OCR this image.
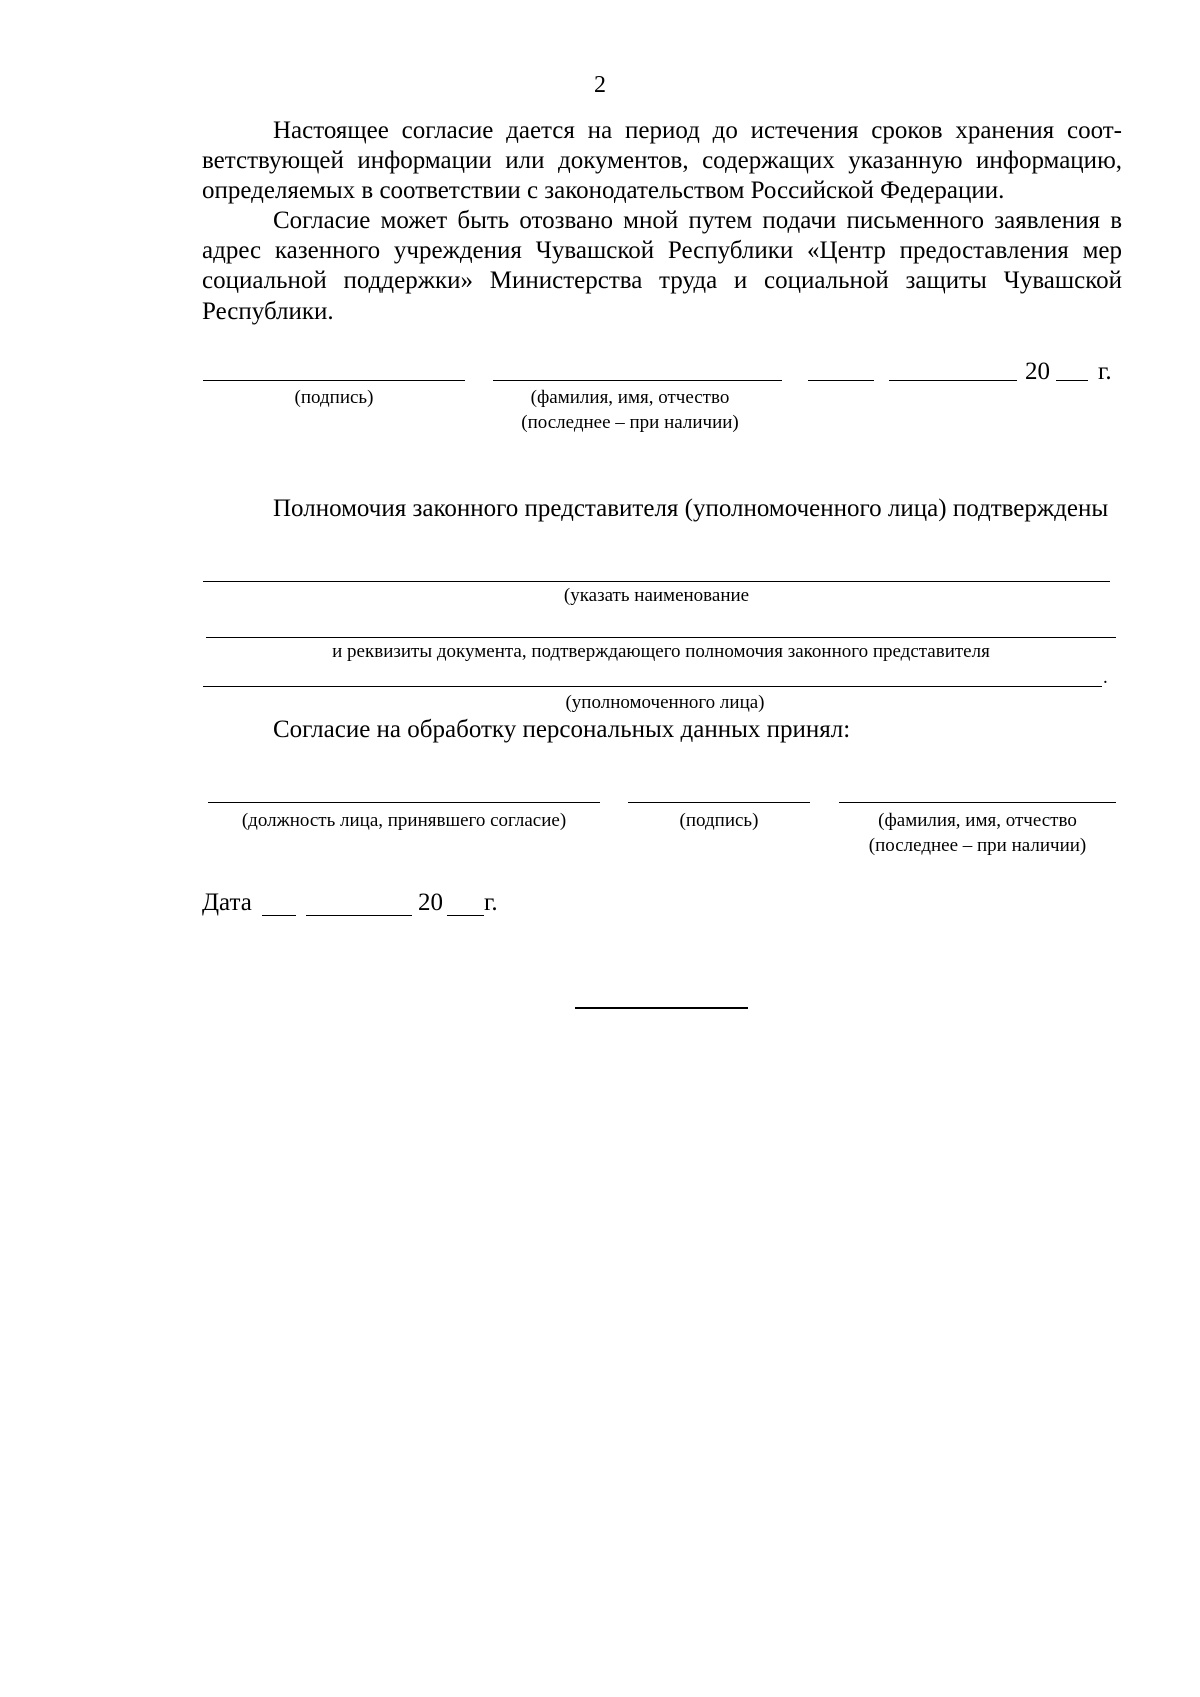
2
Настоящее согласие дается на период до истечения сроков хранения соответствующей информации или документов, содержащих указанную информацию, определяемых в соответствии с законодательством Российской Федерации.
Согласие может быть отозвано мной путем подачи письменного заявления в адрес казенного учреждения Чувашской Республики «Центр предоставления мер социальной поддержки» Министерства труда и социальной защиты Чувашской Республики.
20 г.
(подпись)	(фамилия, имя, отчество
(последнее – при наличии)
Полномочия законного представителя (уполномоченного лица) подтверждены
(указать наименование
и реквизиты документа, подтверждающего полномочия законного представителя
.
(уполномоченного лица)
Согласие на обработку персональных данных принял:
(должность лица, принявшего согласие)	(подпись)	(фамилия, имя, отчество
(последнее – при наличии)
Дата	20 г.
